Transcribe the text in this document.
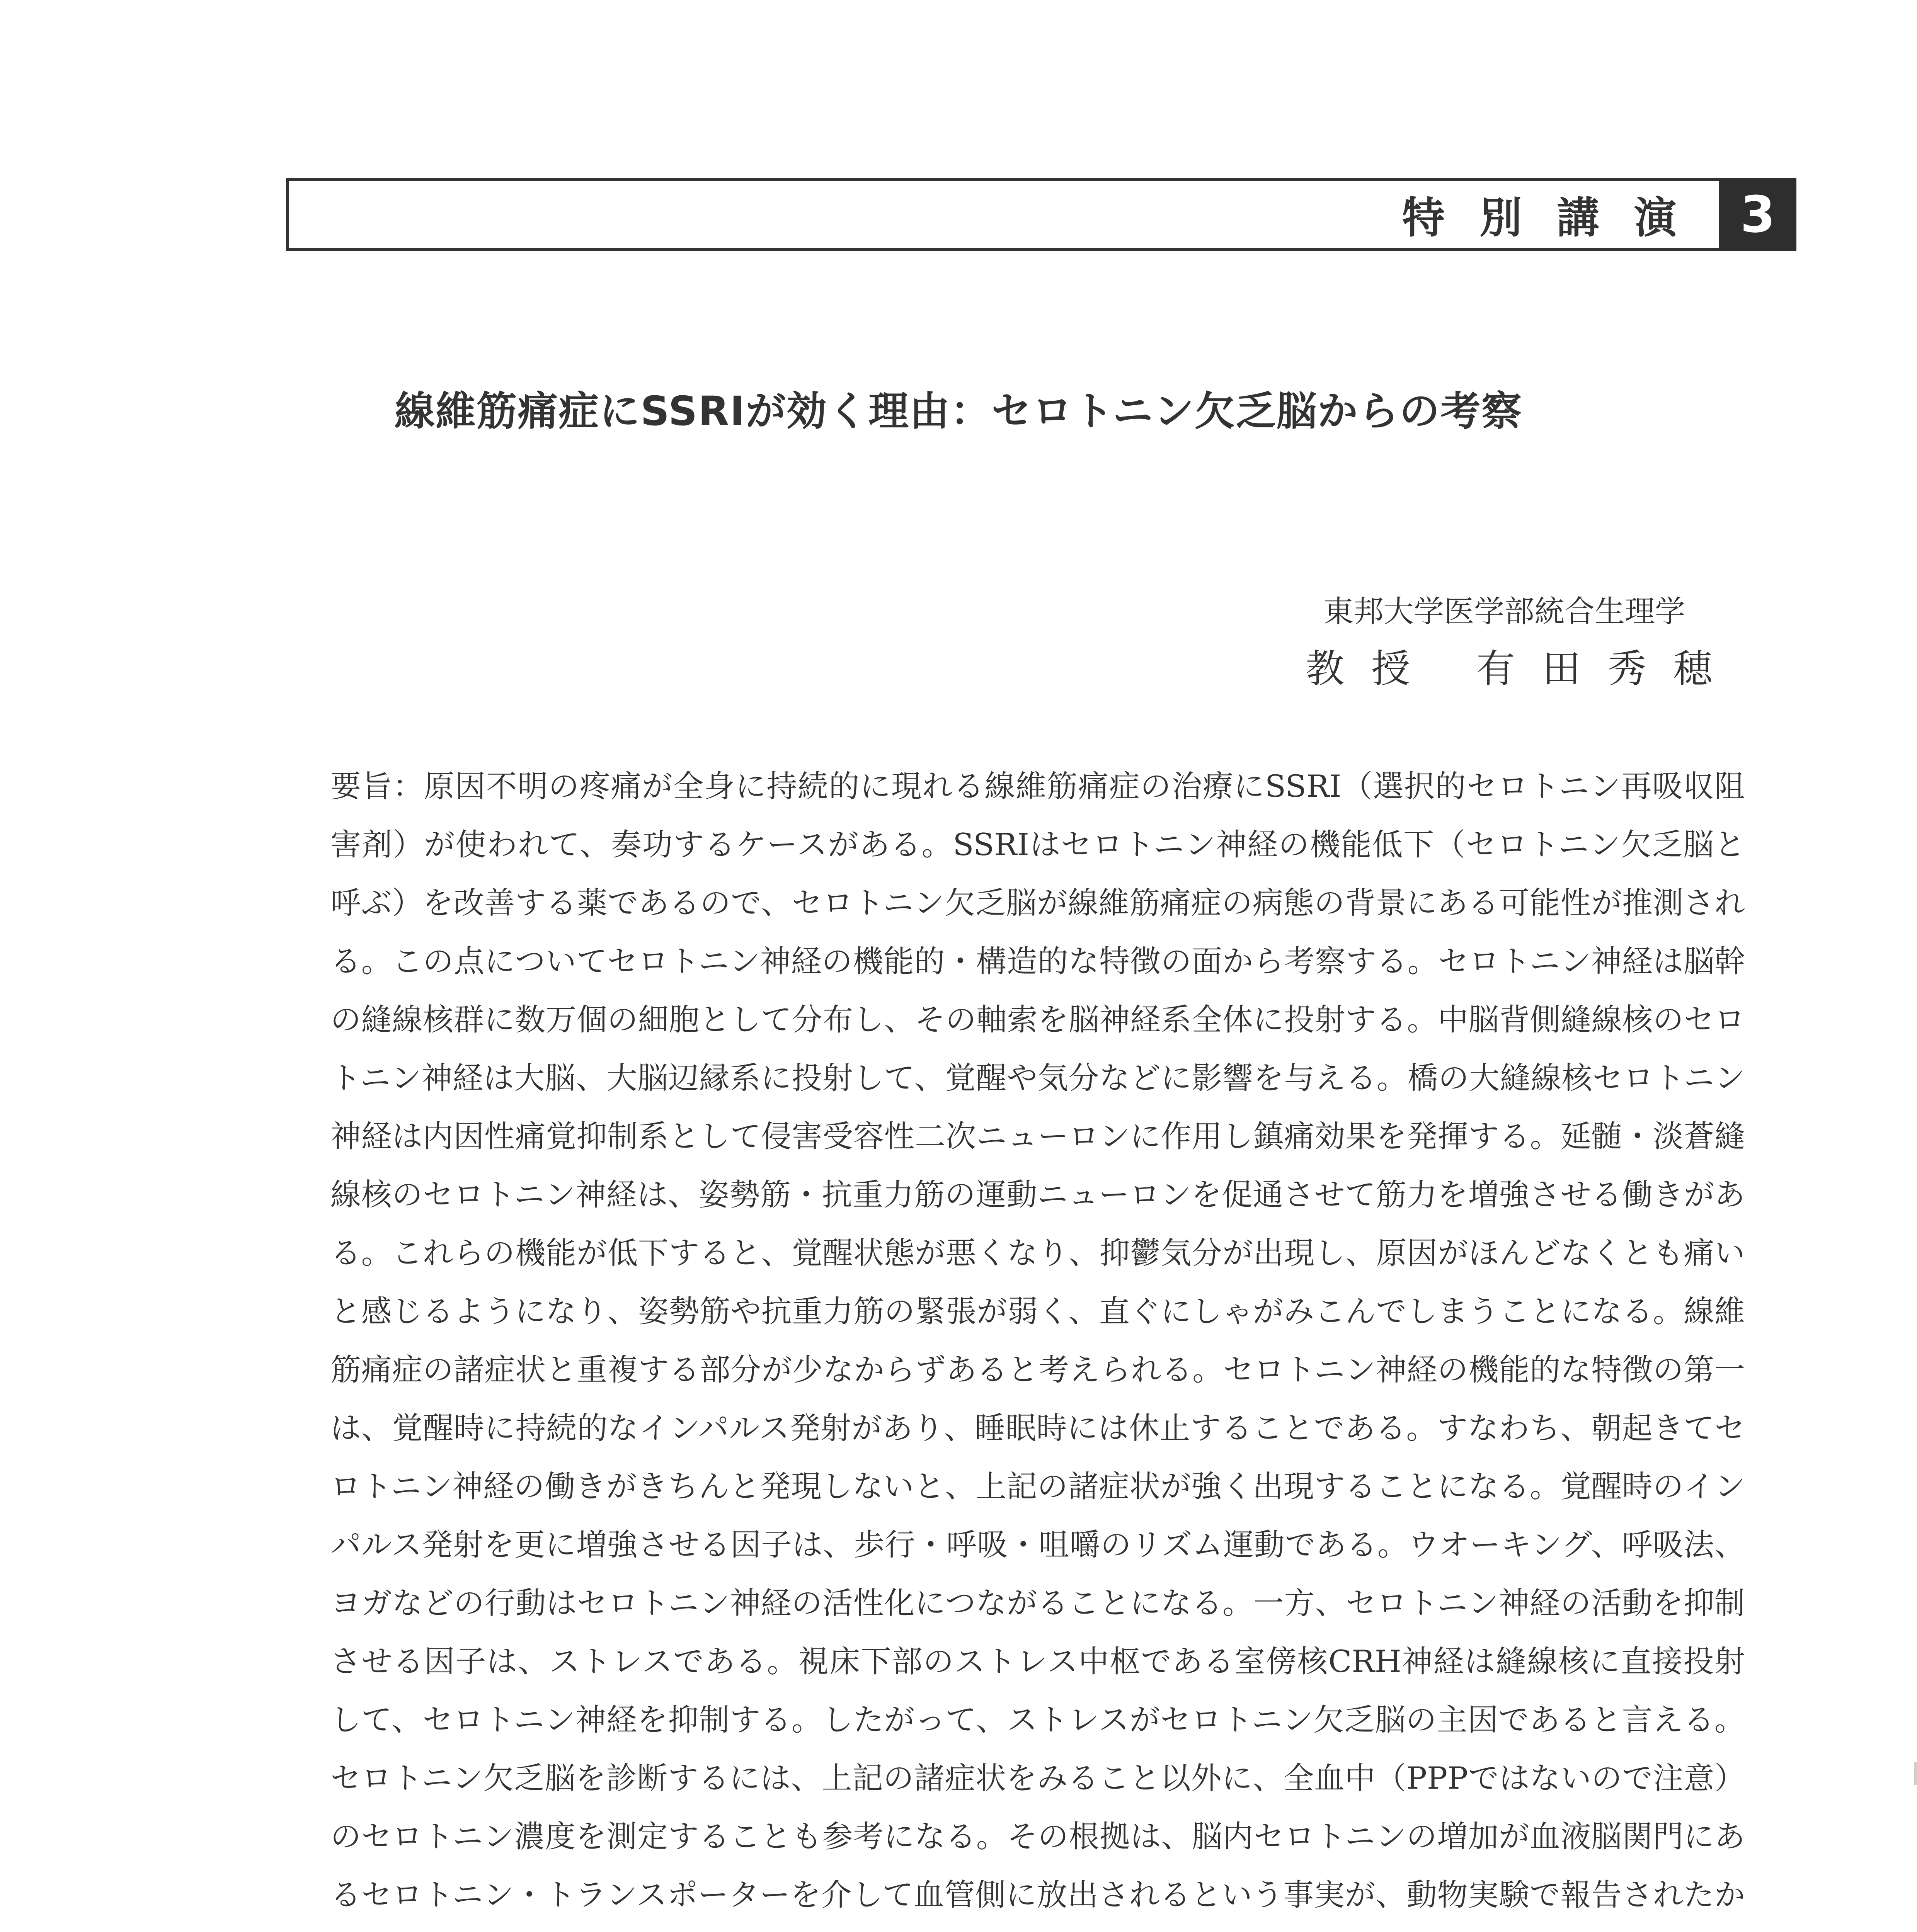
特別講演 3
線維筋痛症にSSRIが効く理由：セロトニン欠乏脳からの考察
東邦大学医学部統合生理学
教授 有田秀穂

要旨：原因不明の疼痛が全身に持続的に現れる線維筋痛症の治療にSSRI（選択的セロトニン再吸収阻害剤）が使われて、奏功するケースがある。SSRIはセロトニン神経の機能低下（セロトニン欠乏脳と呼ぶ）を改善する薬であるので、セロトニン欠乏脳が線維筋痛症の病態の背景にある可能性が推測される。この点についてセロトニン神経の機能的・構造的な特徴の面から考察する。セロトニン神経は脳幹の縫線核群に数万個の細胞として分布し、その軸索を脳神経系全体に投射する。中脳背側縫線核のセロトニン神経は大脳、大脳辺縁系に投射して、覚醒や気分などに影響を与える。橋の大縫線核セロトニン神経は内因性痛覚抑制系として侵害受容性二次ニューロンに作用し鎮痛効果を発揮する。延髄・淡蒼縫線核のセロトニン神経は、姿勢筋・抗重力筋の運動ニューロンを促通させて筋力を増強させる働きがある。これらの機能が低下すると、覚醒状態が悪くなり、抑鬱気分が出現し、原因がほんどなくとも痛いと感じるようになり、姿勢筋や抗重力筋の緊張が弱く、直ぐにしゃがみこんでしまうことになる。線維筋痛症の諸症状と重複する部分が少なからずあると考えられる。セロトニン神経の機能的な特徴の第一は、覚醒時に持続的なインパルス発射があり、睡眠時には休止することである。すなわち、朝起きてセロトニン神経の働きがきちんと発現しないと、上記の諸症状が強く出現することになる。覚醒時のインパルス発射を更に増強させる因子は、歩行・呼吸・咀嚼のリズム運動である。ウオーキング、呼吸法、ヨガなどの行動はセロトニン神経の活性化につながることになる。一方、セロトニン神経の活動を抑制させる因子は、ストレスである。視床下部のストレス中枢である室傍核CRH神経は縫線核に直接投射して、セロトニン神経を抑制する。したがって、ストレスがセロトニン欠乏脳の主因であると言える。セロトニン欠乏脳を診断するには、上記の諸症状をみること以外に、全血中（PPPではないので注意）のセロトニン濃度を測定することも参考になる。その根拠は、脳内セロトニンの増加が血液脳関門にあるセロトニン・トランスポーターを介して血管側に放出されるという事実が、動物実験で報告されたか
